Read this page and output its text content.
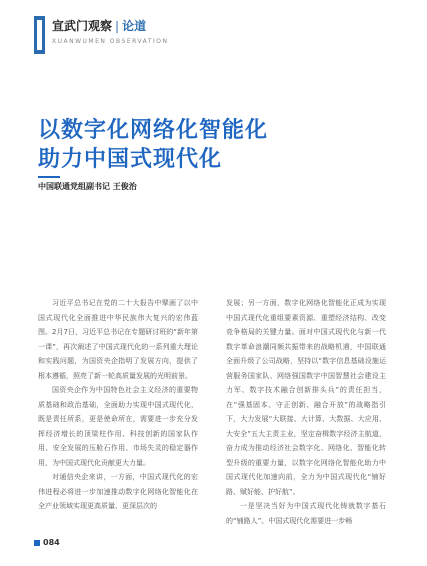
宣武门观察 | 论道
XUANWUMEN OBSERVATION
以数字化网络化智能化
助力中国式现代化
中国联通党组副书记 王俊治

习近平总书记在党的二十大报告中擘画了以中国式现代化全面推进中华民族伟大复兴的宏伟蓝图。2月7日，习近平总书记在专题研讨班的“新年第一课”，再次阐述了中国式现代化的一系列重大理论和实践问题，为国资央企指明了发展方向，提供了根本遵循，照亮了新一轮高质量发展的光明前景。

国资央企作为中国特色社会主义经济的重要物质基础和政治基础，全面助力实现中国式现代化，既是责任所系，更是使命所在，需要进一步充分发挥经济增长的顶梁柱作用、科技创新的国家队作用、安全发展的压舱石作用、市场失灵的稳定器作用，为中国式现代化贡献更大力量。

对通信央企来讲，一方面，中国式现代化的宏伟进程必将进一步加速推动数字化网络化智能化在全产业领域实现更高质量、更深层次的

发展；另一方面，数字化网络化智能化正成为实现中国式现代化重组要素资源、重塑经济结构、改变竞争格局的关键力量。面对中国式现代化与新一代数字革命浪潮同频共振带来的战略机遇，中国联通全面升级了公司战略，坚持以“数字信息基础设施运营服务国家队、网络强国数字中国智慧社会建设主力军、数字技术融合创新排头兵”的责任担当，在“强基固本、守正创新、融合开放”的战略指引下，大力发展“大联接、大计算、大数据、大应用、大安全”五大主责主业，坚定奋楫数字经济主航道，奋力成为推动经济社会数字化、网络化、智能化转型升级的重要力量，以数字化网络化智能化助力中国式现代化加速向前，全力为中国式现代化“铺好路、赋好能、护好航”。

一是坚决当好为中国式现代化铸就数字基石的“铺路人”。中国式现代化需要进一步畅

084
